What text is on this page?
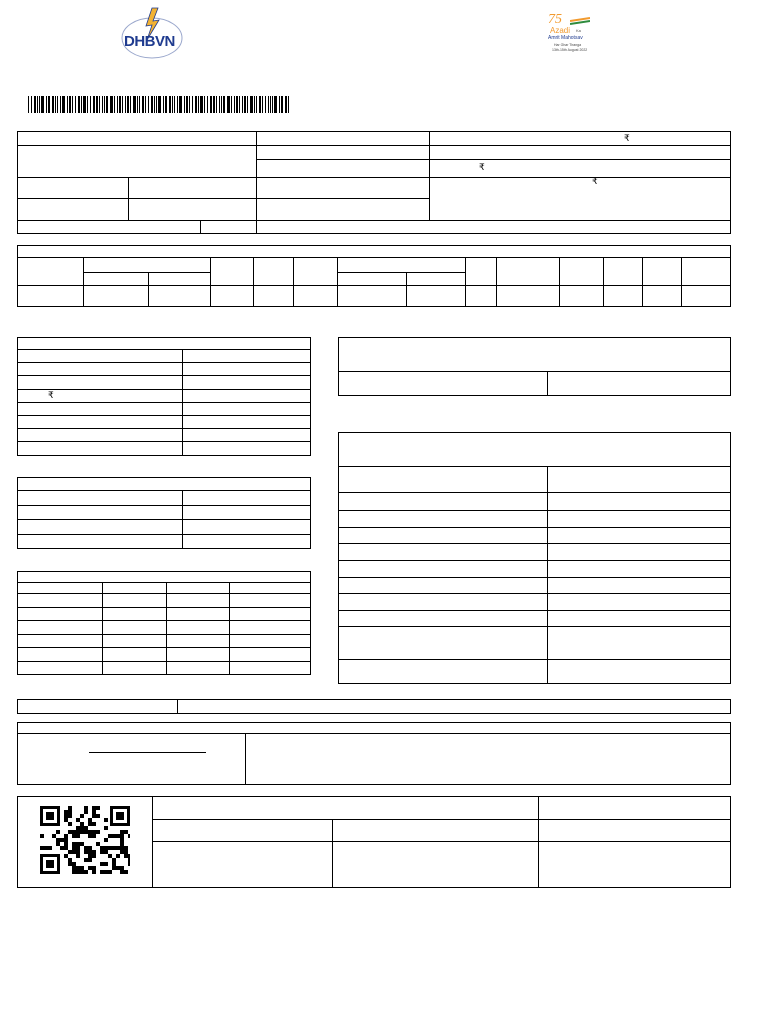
DHBVN
75
Azadi Ka
Amrit Mahotsav
Har Ghar Tiranga
13th-15th August 2022
₹
₹
₹
₹
